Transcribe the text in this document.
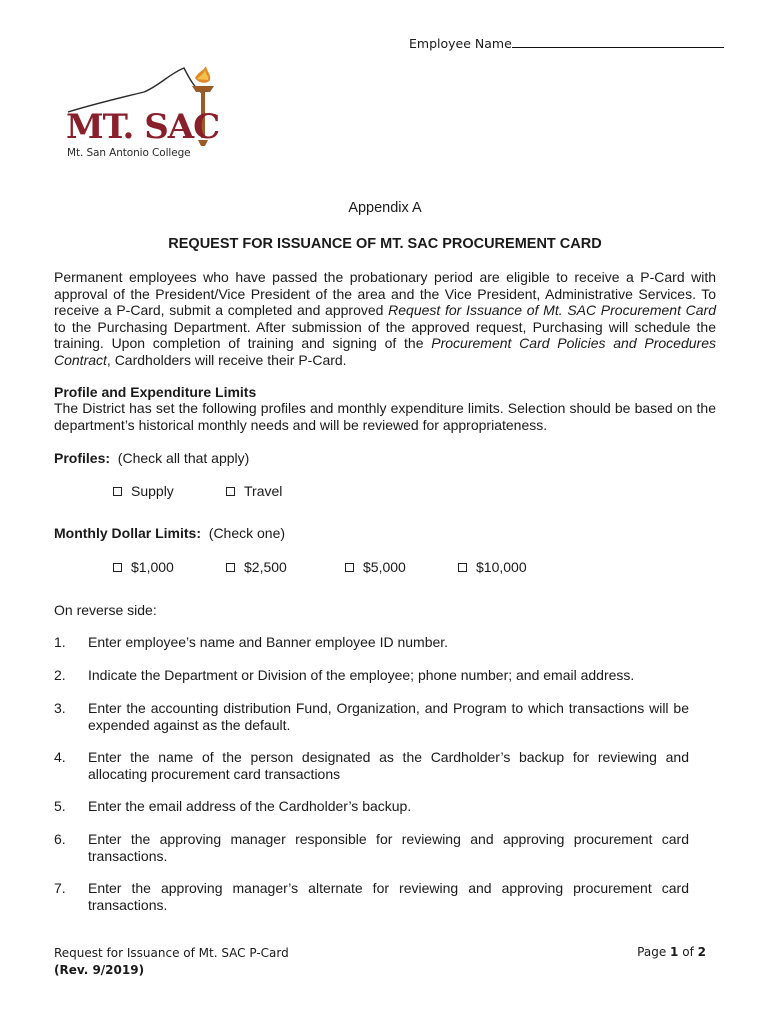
Employee Name
MT. SAC
Mt. San Antonio College
Appendix A
REQUEST FOR ISSUANCE OF MT. SAC PROCUREMENT CARD
Permanent employees who have passed the probationary period are eligible to receive a P-Card with approval of the President/Vice President of the area and the Vice President, Administrative Services. To receive a P-Card, submit a completed and approved Request for Issuance of Mt. SAC Procurement Card to the Purchasing Department. After submission of the approved request, Purchasing will schedule the training. Upon completion of training and signing of the Procurement Card Policies and Procedures Contract, Cardholders will receive their P-Card.
Profile and Expenditure Limits
The District has set the following profiles and monthly expenditure limits. Selection should be based on the department’s historical monthly needs and will be reviewed for appropriateness.
Profiles: (Check all that apply)
Supply	Travel
Monthly Dollar Limits: (Check one)
$1,000	$2,500	$5,000	$10,000
On reverse side:
1. Enter employee’s name and Banner employee ID number.
2. Indicate the Department or Division of the employee; phone number; and email address.
3. Enter the accounting distribution Fund, Organization, and Program to which transactions will be expended against as the default.
4. Enter the name of the person designated as the Cardholder’s backup for reviewing and allocating procurement card transactions
5. Enter the email address of the Cardholder’s backup.
6. Enter the approving manager responsible for reviewing and approving procurement card transactions.
7. Enter the approving manager’s alternate for reviewing and approving procurement card transactions.
Request for Issuance of Mt. SAC P-Card
(Rev. 9/2019)
Page 1 of 2
